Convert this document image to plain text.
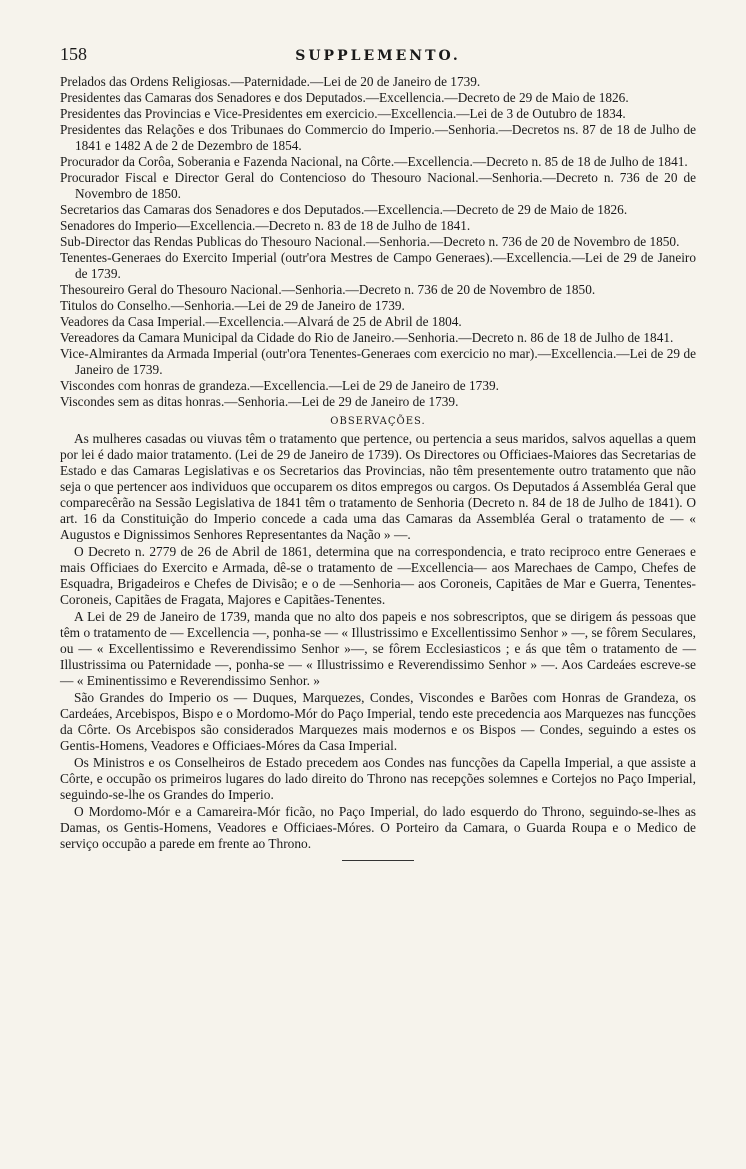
158	SUPPLEMENTO.

Prelados das Ordens Religiosas.—Paternidade.—Lei de 20 de Janeiro de 1739.

Presidentes das Camaras dos Senadores e dos Deputados.—Excellencia.—Decreto de 29 de Maio de 1826.

Presidentes das Provincias e Vice-Presidentes em exercicio.—Excellencia.—Lei de 3 de Outubro de 1834.

Presidentes das Relações e dos Tribunaes do Commercio do Imperio.—Senhoria.—Decretos ns. 87 de 18 de Julho de 1841 e 1482 A de 2 de Dezembro de 1854.

Procurador da Corôa, Soberania e Fazenda Nacional, na Côrte.—Excellencia.—Decreto n. 85 de 18 de Julho de 1841.

Procurador Fiscal e Director Geral do Contencioso do Thesouro Nacional.—Senhoria.—Decreto n. 736 de 20 de Novembro de 1850.

Secretarios das Camaras dos Senadores e dos Deputados.—Excellencia.—Decreto de 29 de Maio de 1826.

Senadores do Imperio—Excellencia.—Decreto n. 83 de 18 de Julho de 1841.

Sub-Director das Rendas Publicas do Thesouro Nacional.—Senhoria.—Decreto n. 736 de 20 de Novembro de 1850.

Tenentes-Generaes do Exercito Imperial (outr'ora Mestres de Campo Generaes).—Excellencia.—Lei de 29 de Janeiro de 1739.

Thesoureiro Geral do Thesouro Nacional.—Senhoria.—Decreto n. 736 de 20 de Novembro de 1850.

Titulos do Conselho.—Senhoria.—Lei de 29 de Janeiro de 1739.

Veadores da Casa Imperial.—Excellencia.—Alvará de 25 de Abril de 1804.

Vereadores da Camara Municipal da Cidade do Rio de Janeiro.—Senhoria.—Decreto n. 86 de 18 de Julho de 1841.

Vice-Almirantes da Armada Imperial (outr'ora Tenentes-Generaes com exercicio no mar).—Excellencia.—Lei de 29 de Janeiro de 1739.

Viscondes com honras de grandeza.—Excellencia.—Lei de 29 de Janeiro de 1739.

Viscondes sem as ditas honras.—Senhoria.—Lei de 29 de Janeiro de 1739.

OBSERVAÇÕES.

As mulheres casadas ou viuvas têm o tratamento que pertence, ou pertencia a seus maridos, salvos aquellas a quem por lei é dado maior tratamento. (Lei de 29 de Janeiro de 1739). Os Directores ou Officiaes-Maiores das Secretarias de Estado e das Camaras Legislativas e os Secretarios das Provincias, não têm presentemente outro tratamento que não seja o que pertencer aos individuos que occuparem os ditos empregos ou cargos. Os Deputados á Assembléa Geral que comparecêrão na Sessão Legislativa de 1841 têm o tratamento de Senhoria (Decreto n. 84 de 18 de Julho de 1841). O art. 16 da Constituição do Imperio concede a cada uma das Camaras da Assembléa Geral o tratamento de — « Augustos e Dignissimos Senhores Representantes da Nação » —.

O Decreto n. 2779 de 26 de Abril de 1861, determina que na correspondencia, e trato reciproco entre Generaes e mais Officiaes do Exercito e Armada, dê-se o tratamento de —Excellencia— aos Marechaes de Campo, Chefes de Esquadra, Brigadeiros e Chefes de Divisão; e o de —Senhoria— aos Coroneis, Capitães de Mar e Guerra, Tenentes-Coroneis, Capitães de Fragata, Majores e Capitães-Tenentes.

A Lei de 29 de Janeiro de 1739, manda que no alto dos papeis e nos sobrescriptos, que se dirigem ás pessoas que têm o tratamento de — Excellencia —, ponha-se — « Illustrissimo e Excellentissimo Senhor » —, se fôrem Seculares, ou — « Excellentissimo e Reverendissimo Senhor »—, se fôrem Ecclesiasticos ; e ás que têm o tratamento de — Illustrissima ou Paternidade —, ponha-se — « Illustrissimo e Reverendissimo Senhor » —. Aos Cardeáes escreve-se — « Eminentissimo e Reverendissimo Senhor. »

São Grandes do Imperio os — Duques, Marquezes, Condes, Viscondes e Barões com Honras de Grandeza, os Cardeáes, Arcebispos, Bispo e o Mordomo-Mór do Paço Imperial, tendo este precedencia aos Marquezes nas funcções da Côrte. Os Arcebispos são considerados Marquezes mais modernos e os Bispos — Condes, seguindo a estes os Gentis-Homens, Veadores e Officiaes-Móres da Casa Imperial.

Os Ministros e os Conselheiros de Estado precedem aos Condes nas funcções da Capella Imperial, a que assiste a Côrte, e occupão os primeiros lugares do lado direito do Throno nas recepções solemnes e Cortejos no Paço Imperial, seguindo-se-lhe os Grandes do Imperio.

O Mordomo-Mór e a Camareira-Mór ficão, no Paço Imperial, do lado esquerdo do Throno, seguindo-se-lhes as Damas, os Gentis-Homens, Veadores e Officiaes-Móres. O Porteiro da Camara, o Guarda Roupa e o Medico de serviço occupão a parede em frente ao Throno.
